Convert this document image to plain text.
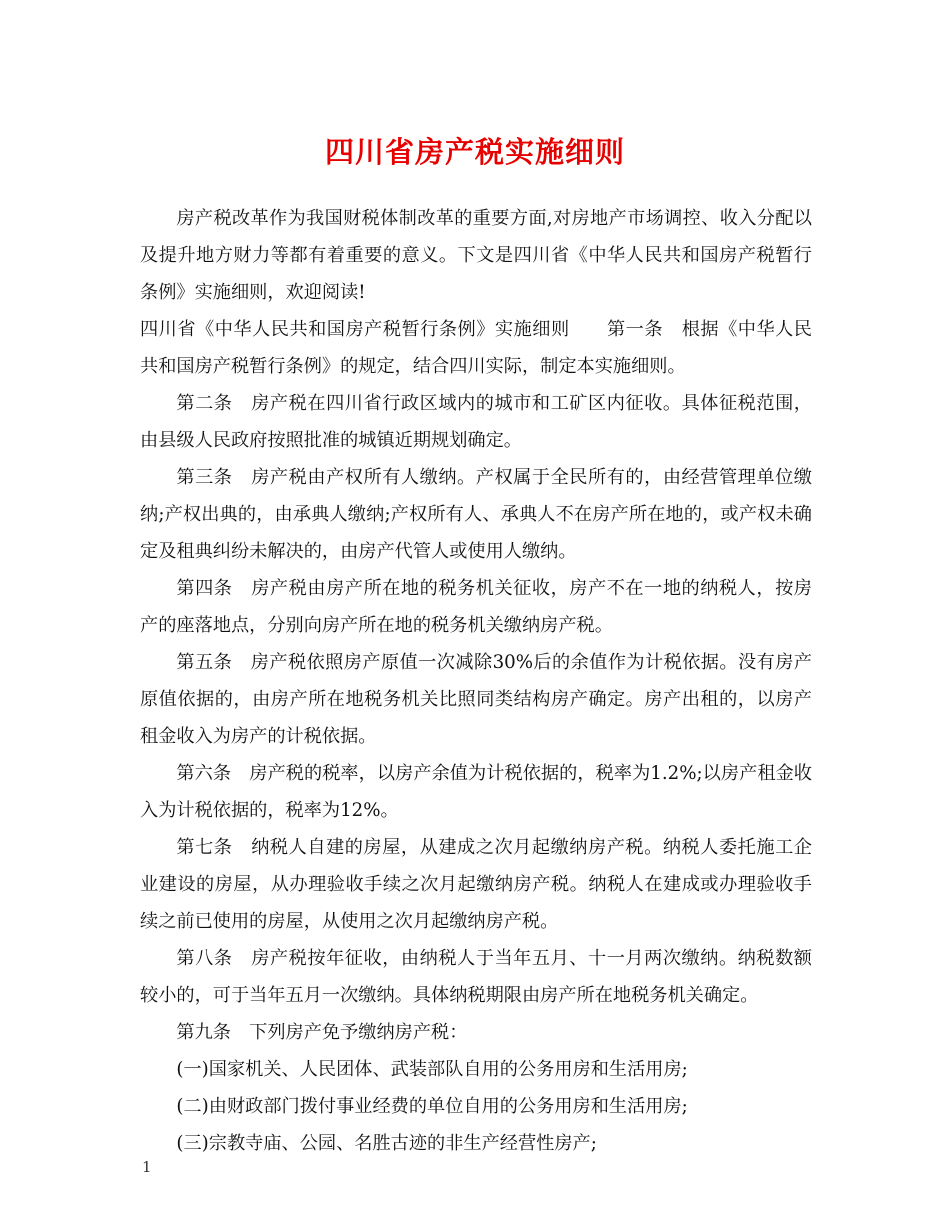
四川省房产税实施细则

房产税改革作为我国财税体制改革的重要方面,对房地产市场调控、收入分配以及提升地方财力等都有着重要的意义。下文是四川省《中华人民共和国房产税暂行条例》实施细则，欢迎阅读!

四川省《中华人民共和国房产税暂行条例》实施细则　　第一条　根据《中华人民共和国房产税暂行条例》的规定，结合四川实际，制定本实施细则。

第二条　房产税在四川省行政区域内的城市和工矿区内征收。具体征税范围，由县级人民政府按照批准的城镇近期规划确定。

第三条　房产税由产权所有人缴纳。产权属于全民所有的，由经营管理单位缴纳;产权出典的，由承典人缴纳;产权所有人、承典人不在房产所在地的，或产权未确定及租典纠纷未解决的，由房产代管人或使用人缴纳。

第四条　房产税由房产所在地的税务机关征收，房产不在一地的纳税人，按房产的座落地点，分别向房产所在地的税务机关缴纳房产税。

第五条　房产税依照房产原值一次减除30%后的余值作为计税依据。没有房产原值依据的，由房产所在地税务机关比照同类结构房产确定。房产出租的，以房产租金收入为房产的计税依据。

第六条　房产税的税率，以房产余值为计税依据的，税率为1.2%;以房产租金收入为计税依据的，税率为12%。

第七条　纳税人自建的房屋，从建成之次月起缴纳房产税。纳税人委托施工企业建设的房屋，从办理验收手续之次月起缴纳房产税。纳税人在建成或办理验收手续之前已使用的房屋，从使用之次月起缴纳房产税。

第八条　房产税按年征收，由纳税人于当年五月、十一月两次缴纳。纳税数额较小的，可于当年五月一次缴纳。具体纳税期限由房产所在地税务机关确定。

第九条　下列房产免予缴纳房产税：

(一)国家机关、人民团体、武装部队自用的公务用房和生活用房;

(二)由财政部门拨付事业经费的单位自用的公务用房和生活用房;

(三)宗教寺庙、公园、名胜古迹的非生产经营性房产;

1
